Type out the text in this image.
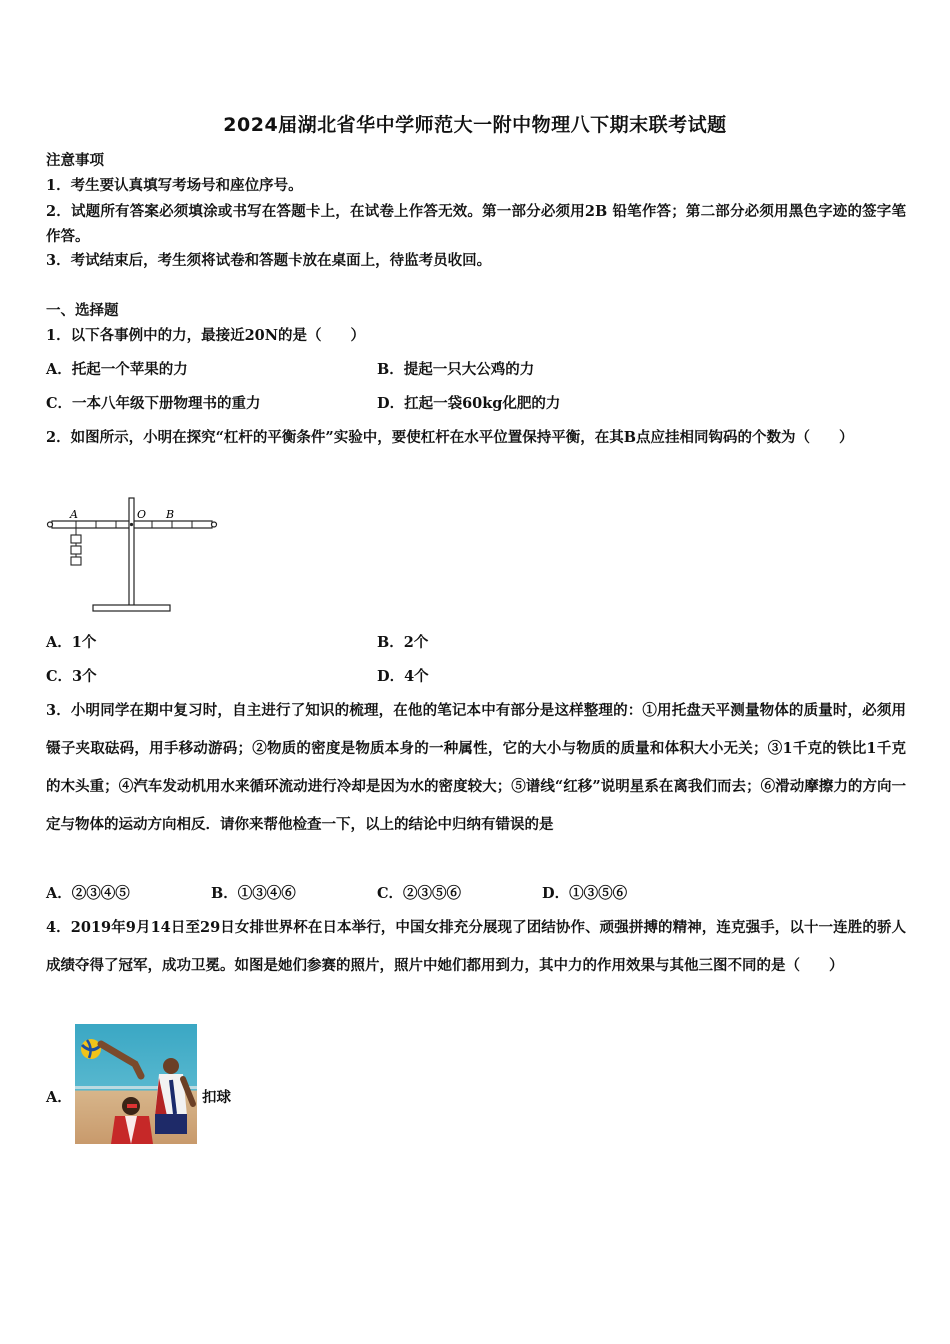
2024届湖北省华中学师范大一附中物理八下期末联考试题
注意事项
1．考生要认真填写考场号和座位序号。
2．试题所有答案必须填涂或书写在答题卡上，在试卷上作答无效。第一部分必须用2B 铅笔作答；第二部分必须用黑色字迹的签字笔作答。
3．考试结束后，考生须将试卷和答题卡放在桌面上，待监考员收回。
一、选择题
1．以下各事例中的力，最接近20N的是（　　）
A．托起一个苹果的力	B．提起一只大公鸡的力
C．一本八年级下册物理书的重力	D．扛起一袋60kg化肥的力
2．如图所示，小明在探究“杠杆的平衡条件”实验中，要使杠杆在水平位置保持平衡，在其B点应挂相同钩码的个数为（　　）
A	O B
A．1个	B．2个
C．3个	D．4个
3．小明同学在期中复习时，自主进行了知识的梳理，在他的笔记本中有部分是这样整理的：①用托盘天平测量物体的质量时，必须用镊子夹取砝码，用手移动游码；②物质的密度是物质本身的一种属性，它的大小与物质的质量和体积大小无关；③1千克的铁比1千克的木头重；④汽车发动机用水来循环流动进行冷却是因为水的密度较大；⑤谱线“红移”说明星系在离我们而去；⑥滑动摩擦力的方向一定与物体的运动方向相反．请你来帮他检查一下，以上的结论中归纳有错误的是
A．②③④⑤	B．①③④⑥	C．②③⑤⑥	D．①③⑤⑥
4．2019年9月14日至29日女排世界杯在日本举行，中国女排充分展现了团结协作、顽强拼搏的精神，连克强手，以十一连胜的骄人成绩夺得了冠军，成功卫冕。如图是她们参赛的照片，照片中她们都用到力，其中力的作用效果与其他三图不同的是（　　）
A．	扣球
